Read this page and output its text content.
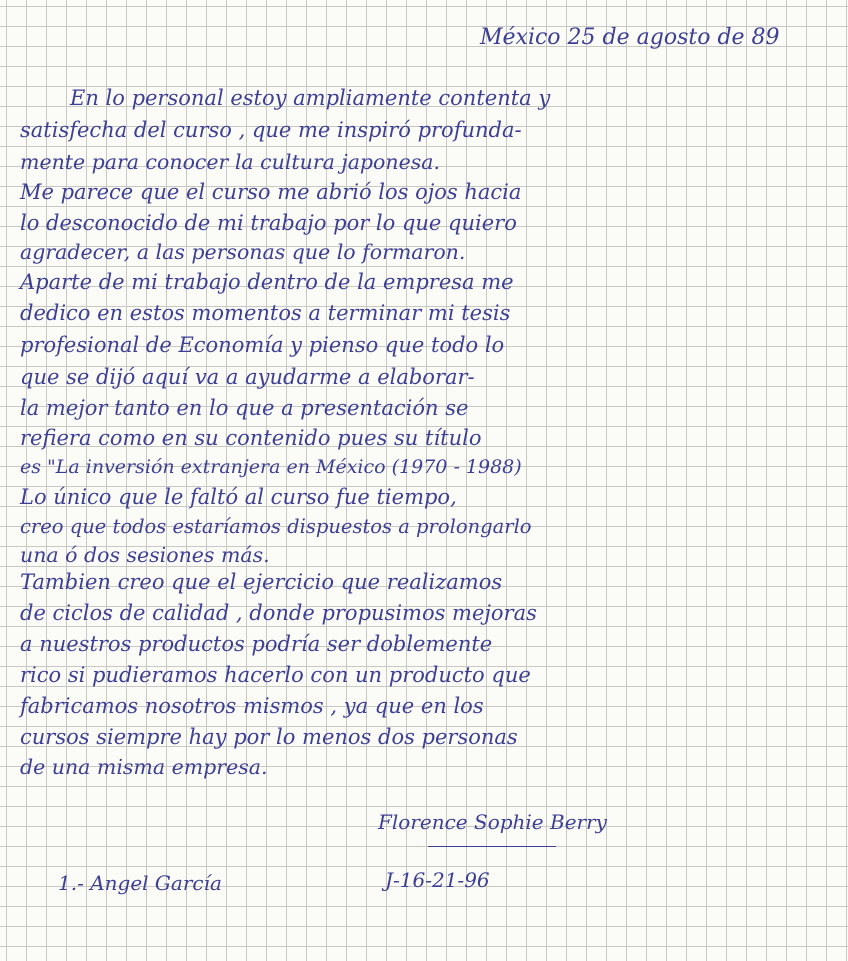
México 25 de agosto de 89
En lo personal estoy ampliamente contenta y
satisfecha del curso , que me inspiró profunda-
mente para conocer la cultura japonesa.
Me parece que el curso me abrió los ojos hacia
lo desconocido de mi trabajo por lo que quiero
agradecer, a las personas que lo formaron.
Aparte de mi trabajo dentro de la empresa me
dedico en estos momentos a terminar mi tesis
profesional de Economía y pienso que todo lo
que se dijó aquí va a ayudarme a elaborar-
la mejor tanto en lo que a presentación se
refiera como en su contenido pues su título
es "La inversión extranjera en México (1970 - 1988)
Lo único que le faltó al curso fue tiempo,
creo que todos estaríamos dispuestos a prolongarlo
una ó dos sesiones más.
Tambien creo que el ejercicio que realizamos
de ciclos de calidad , donde propusimos mejoras
a nuestros productos podría ser doblemente
rico si pudieramos hacerlo con un producto que
fabricamos nosotros mismos , ya que en los
cursos siempre hay por lo menos dos personas
de una misma empresa.
Florence Sophie Berry
J-16-21-96
1.- Angel García
